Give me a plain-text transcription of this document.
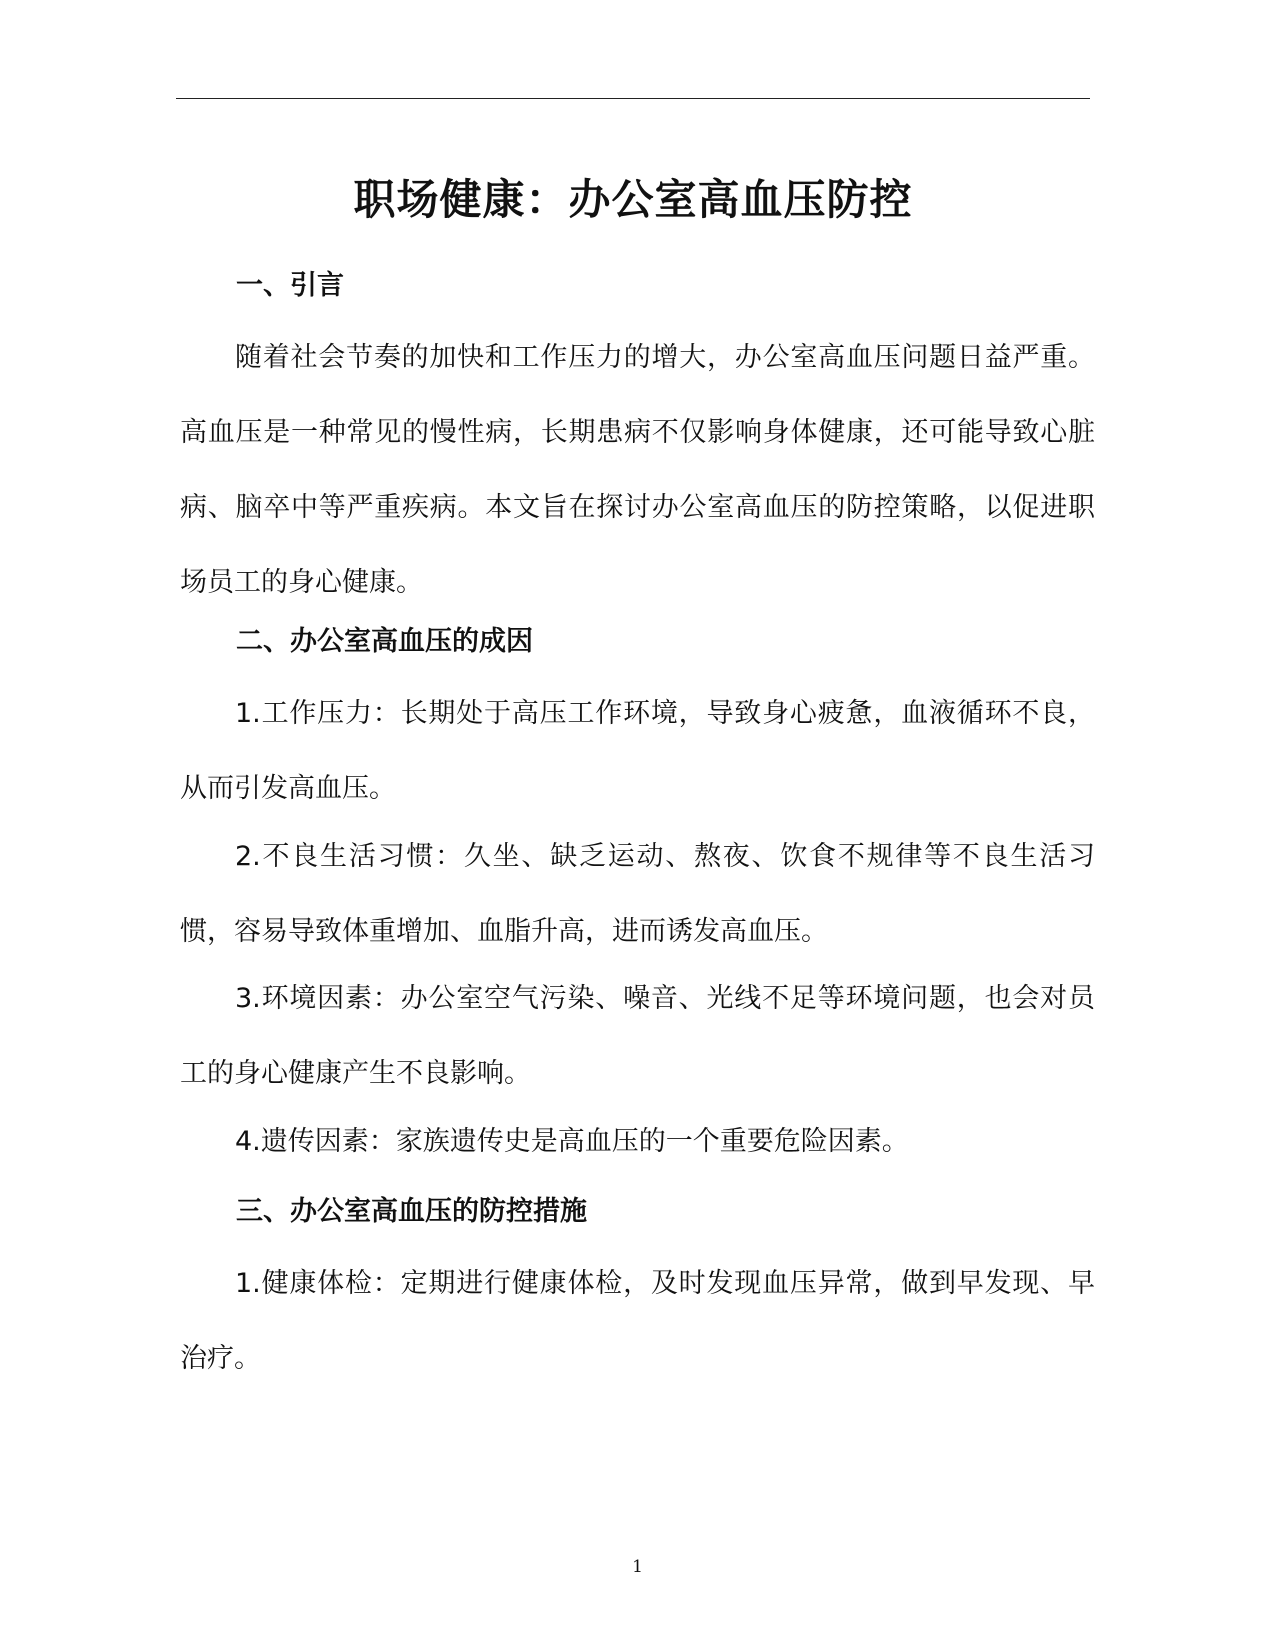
职场健康：办公室高血压防控
一、引言

随着社会节奏的加快和工作压力的增大，办公室高血压问题日益严重。高血压是一种常见的慢性病，长期患病不仅影响身体健康，还可能导致心脏病、脑卒中等严重疾病。本文旨在探讨办公室高血压的防控策略，以促进职场员工的身心健康。

二、办公室高血压的成因

1.工作压力：长期处于高压工作环境，导致身心疲惫，血液循环不良，从而引发高血压。

2.不良生活习惯：久坐、缺乏运动、熬夜、饮食不规律等不良生活习惯，容易导致体重增加、血脂升高，进而诱发高血压。

3.环境因素：办公室空气污染、噪音、光线不足等环境问题，也会对员工的身心健康产生不良影响。

4.遗传因素：家族遗传史是高血压的一个重要危险因素。

三、办公室高血压的防控措施

1.健康体检：定期进行健康体检，及时发现血压异常，做到早发现、早治疗。

1
